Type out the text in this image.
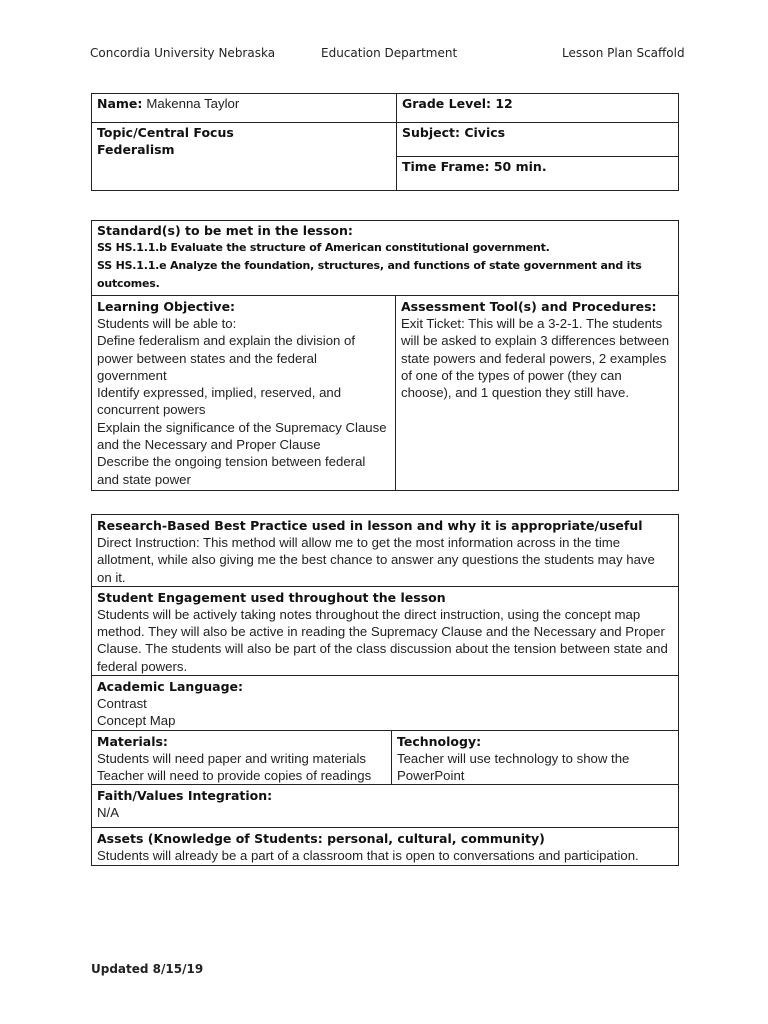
Concordia University Nebraska	Education Department	Lesson Plan Scaffold
Name: Makenna Taylor	Grade Level: 12

Topic/Central Focus
Federalism	Subject: Civics
	Time Frame: 50 min.
Standard(s) to be met in the lesson:
SS HS.1.1.b Evaluate the structure of American constitutional government.
SS HS.1.1.e Analyze the foundation, structures, and functions of state government and its outcomes.

Learning Objective:
Students will be able to:
Define federalism and explain the division of power between states and the federal government
Identify expressed, implied, reserved, and concurrent powers
Explain the significance of the Supremacy Clause and the Necessary and Proper Clause
Describe the ongoing tension between federal and state power

Assessment Tool(s) and Procedures:
Exit Ticket: This will be a 3-2-1. The students will be asked to explain 3 differences between state powers and federal powers, 2 examples of one of the types of power (they can choose), and 1 question they still have.
Research-Based Best Practice used in lesson and why it is appropriate/useful
Direct Instruction: This method will allow me to get the most information across in the time allotment, while also giving me the best chance to answer any questions the students may have on it.

Student Engagement used throughout the lesson
Students will be actively taking notes throughout the direct instruction, using the concept map method. They will also be active in reading the Supremacy Clause and the Necessary and Proper Clause. The students will also be part of the class discussion about the tension between state and federal powers.

Academic Language:
Contrast
Concept Map

Materials:
Students will need paper and writing materials
Teacher will need to provide copies of readings

Technology:
Teacher will use technology to show the PowerPoint

Faith/Values Integration:
N/A

Assets (Knowledge of Students: personal, cultural, community)
Students will already be a part of a classroom that is open to conversations and participation.
Updated 8/15/19
